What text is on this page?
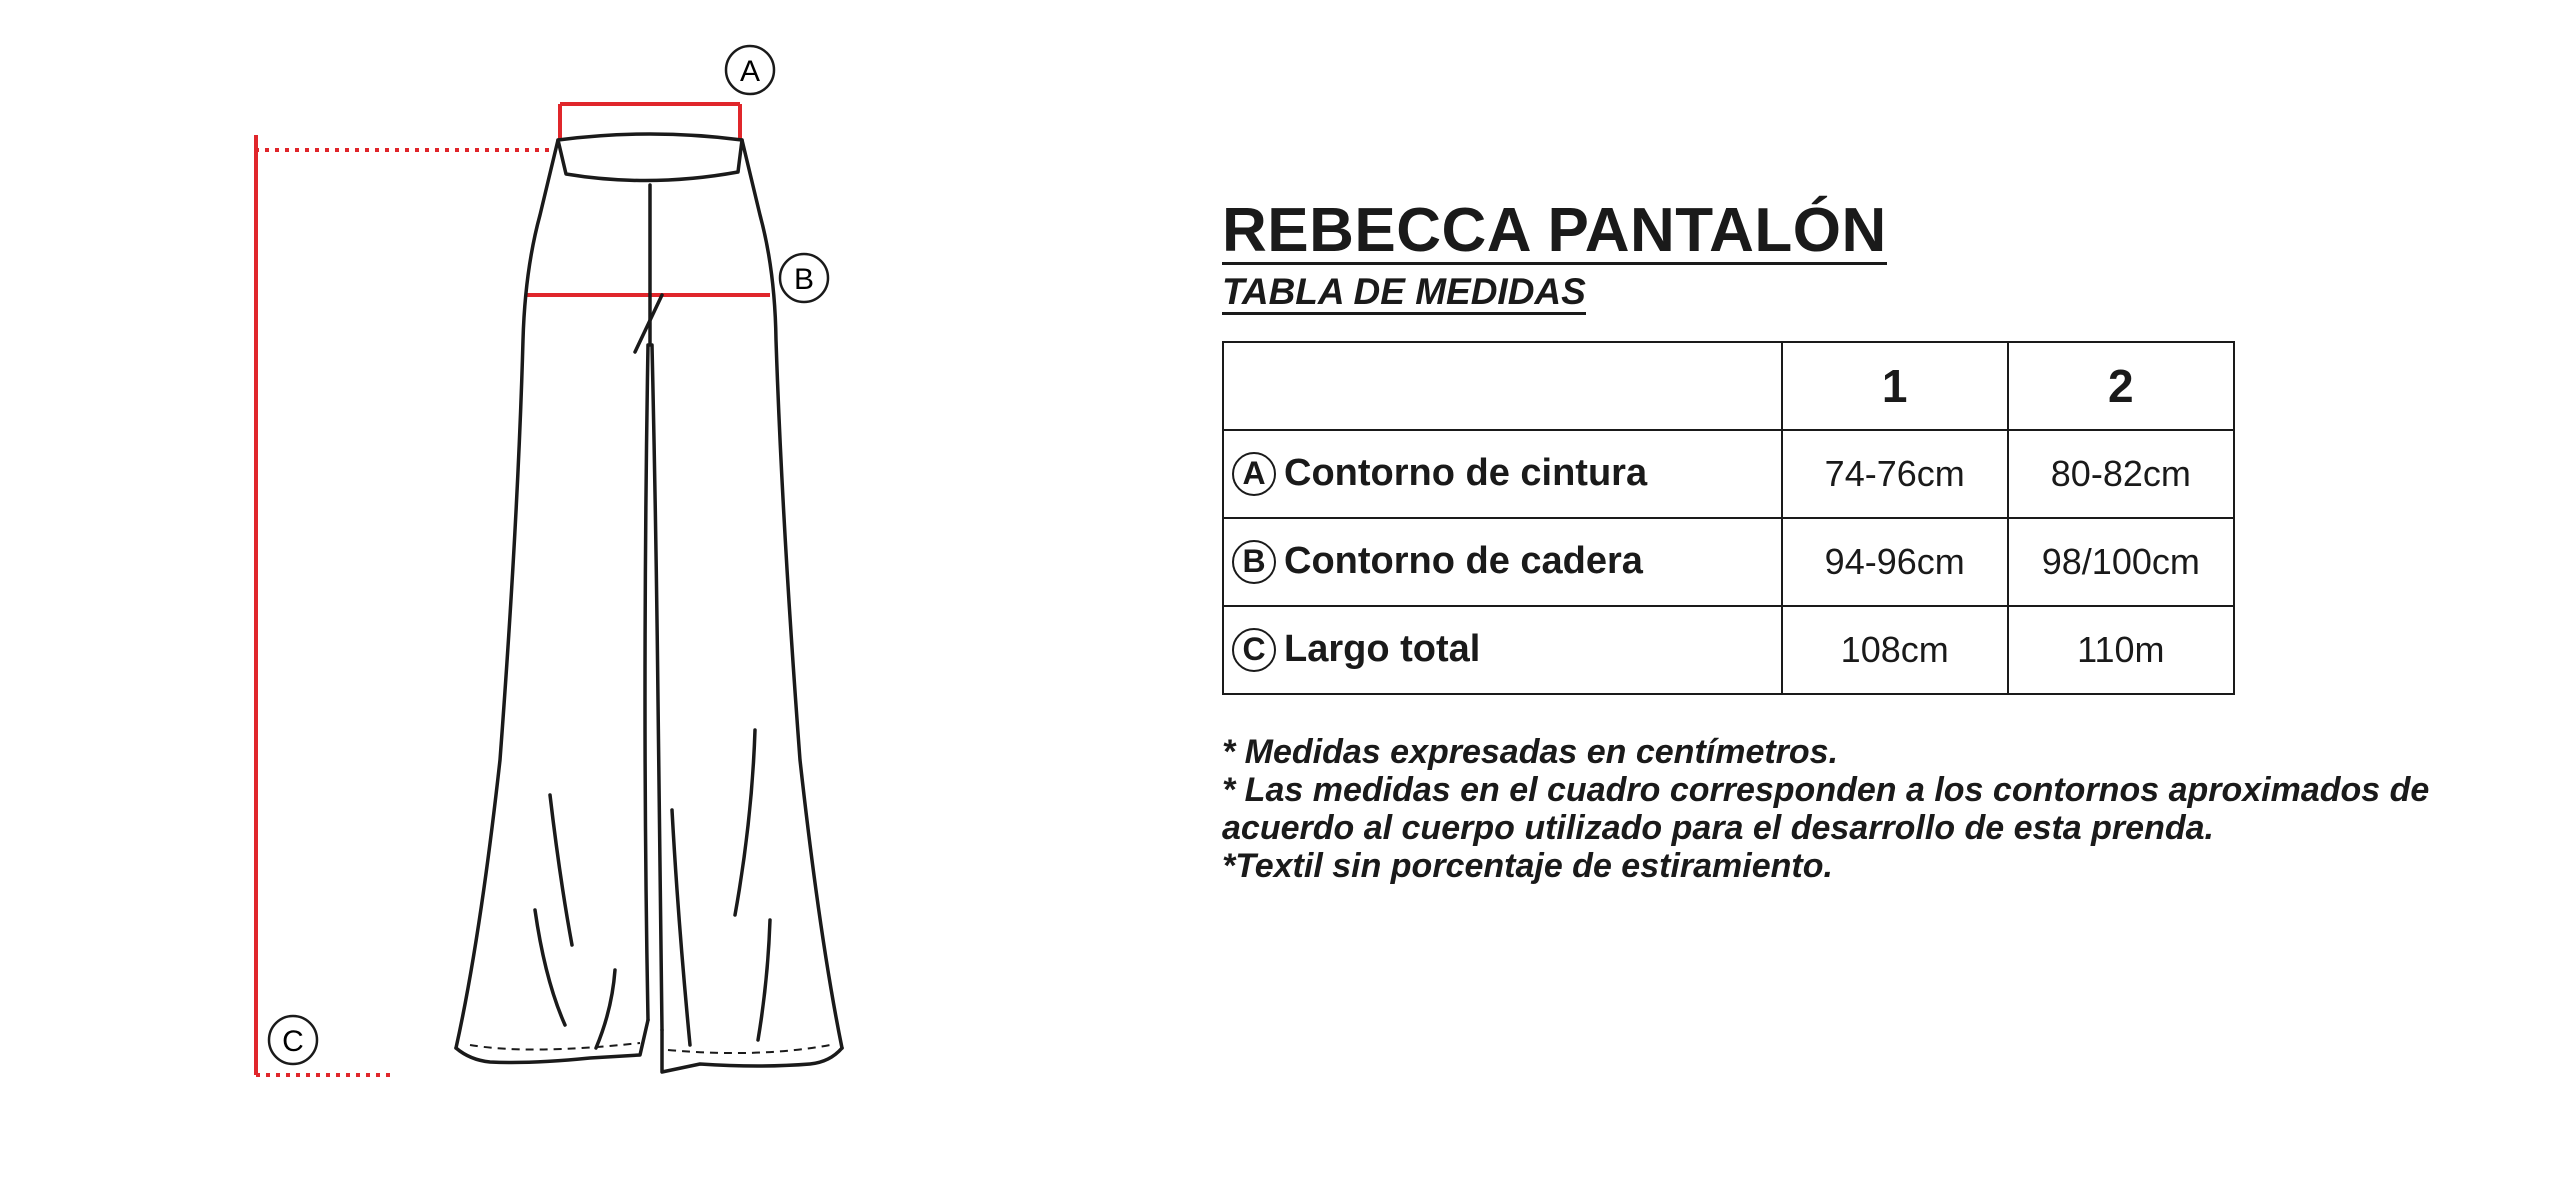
A
B
C
REBECCA PANTALÓN
TABLA DE MEDIDAS
	1	2

A Contorno de cintura	74-76cm	80-82cm

B Contorno de cadera	94-96cm	98/100cm

C Largo total	108cm	110m

* Medidas expresadas en centímetros.

* Las medidas en el cuadro corresponden a los contornos aproximados de acuerdo al cuerpo utilizado para el desarrollo de esta prenda.

*Textil sin porcentaje de estiramiento.
